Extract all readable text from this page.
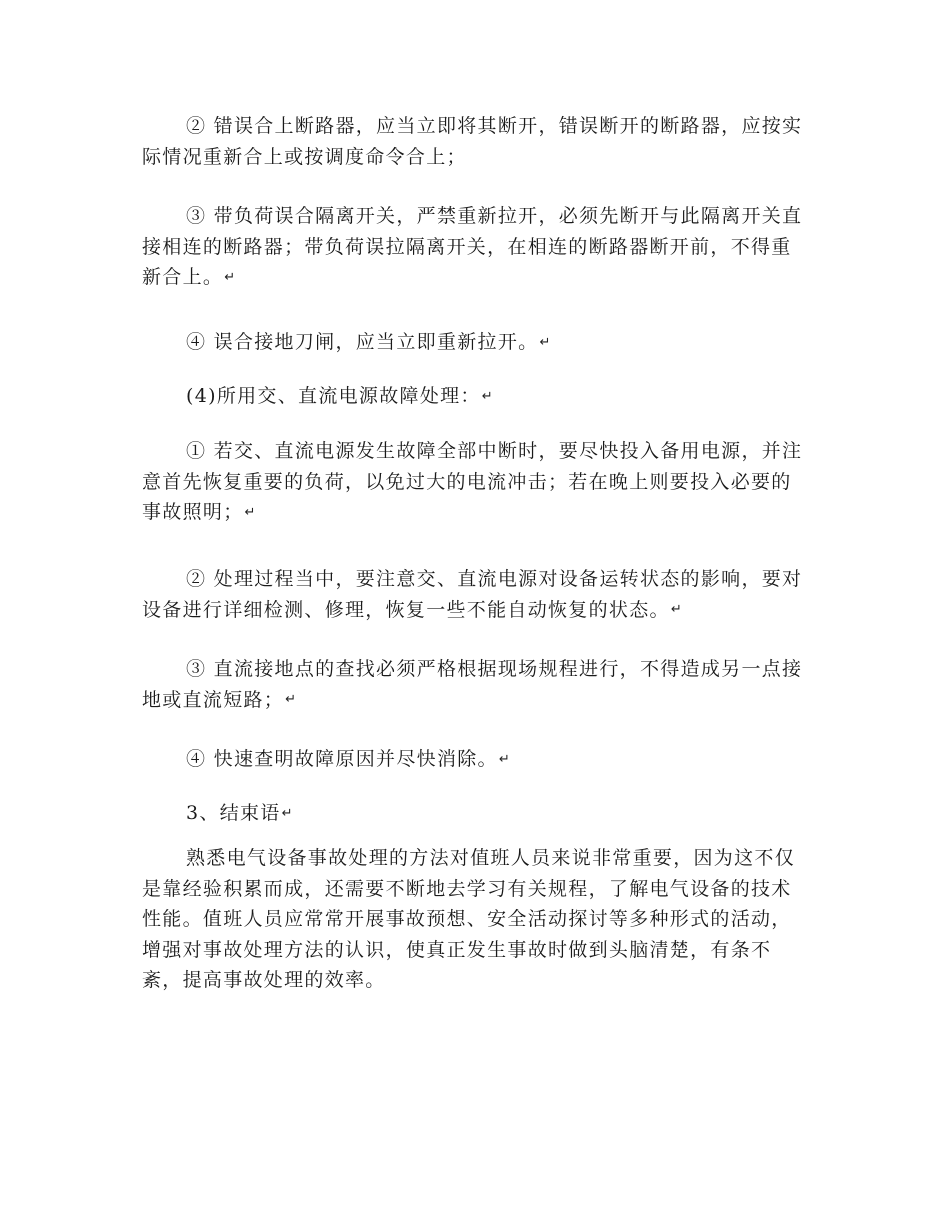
② 错误合上断路器，应当立即将其断开，错误断开的断路器，应按实际情况重新合上或按调度命令合上；

③ 带负荷误合隔离开关，严禁重新拉开，必须先断开与此隔离开关直接相连的断路器；带负荷误拉隔离开关，在相连的断路器断开前，不得重新合上。↵

④ 误合接地刀闸，应当立即重新拉开。↵

(4)所用交、直流电源故障处理：↵

① 若交、直流电源发生故障全部中断时，要尽快投入备用电源，并注意首先恢复重要的负荷，以免过大的电流冲击；若在晚上则要投入必要的事故照明；↵

② 处理过程当中，要注意交、直流电源对设备运转状态的影响，要对设备进行详细检测、修理，恢复一些不能自动恢复的状态。↵

③ 直流接地点的查找必须严格根据现场规程进行，不得造成另一点接地或直流短路；↵

④ 快速查明故障原因并尽快消除。↵

3、结束语↵

熟悉电气设备事故处理的方法对值班人员来说非常重要，因为这不仅是靠经验积累而成，还需要不断地去学习有关规程，了解电气设备的技术性能。值班人员应常常开展事故预想、安全活动探讨等多种形式的活动，增强对事故处理方法的认识，使真正发生事故时做到头脑清楚，有条不紊，提高事故处理的效率。
